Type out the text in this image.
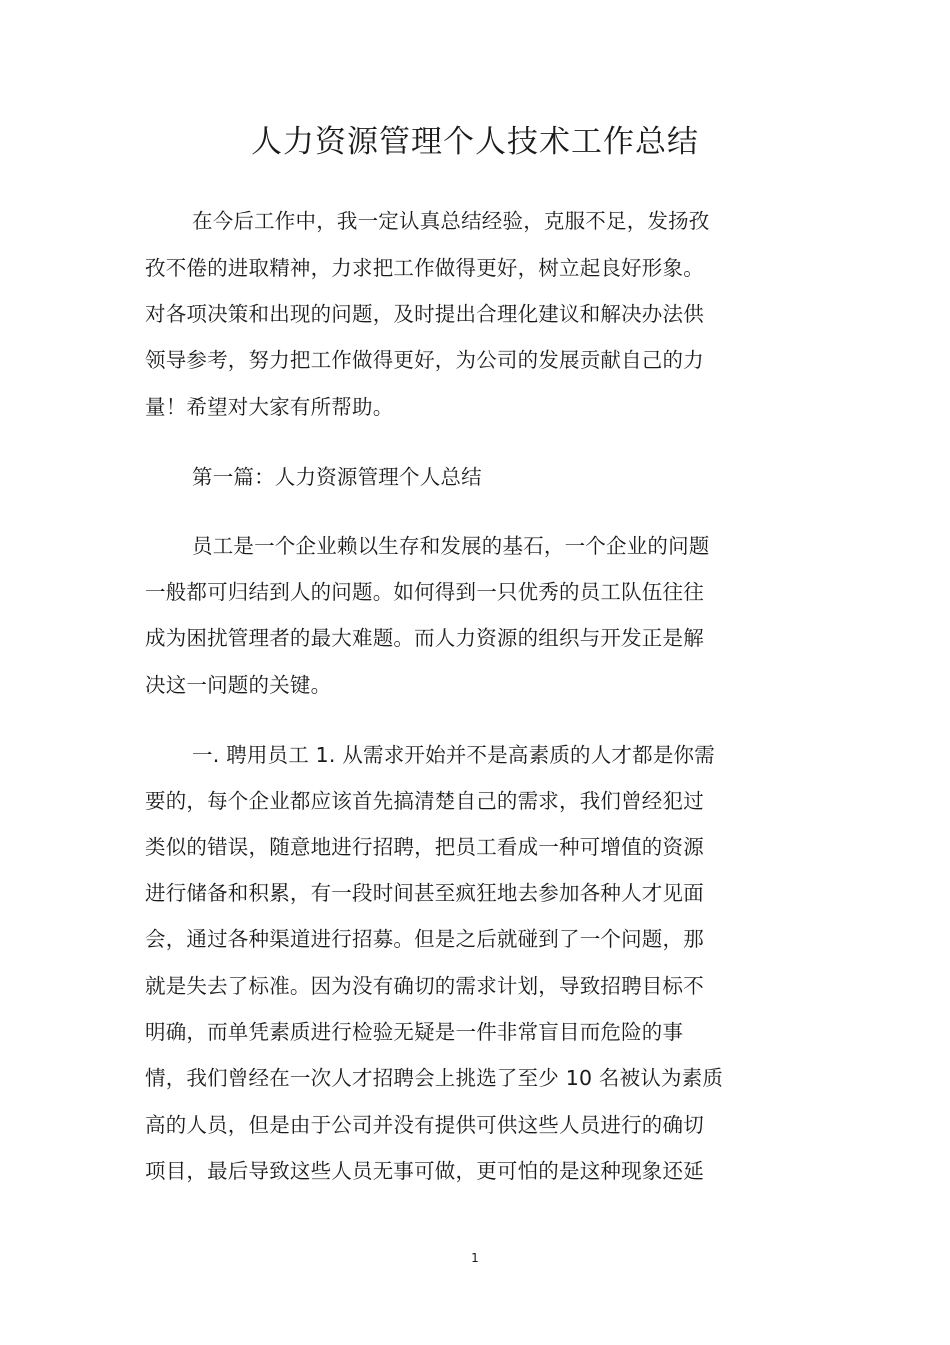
人力资源管理个人技术工作总结
在今后工作中，我一定认真总结经验，克服不足，发扬孜
孜不倦的进取精神，力求把工作做得更好，树立起良好形象。
对各项决策和出现的问题，及时提出合理化建议和解决办法供
领导参考，努力把工作做得更好，为公司的发展贡献自己的力
量！希望对大家有所帮助。
第一篇：人力资源管理个人总结
员工是一个企业赖以生存和发展的基石，一个企业的问题
一般都可归结到人的问题。如何得到一只优秀的员工队伍往往
成为困扰管理者的最大难题。而人力资源的组织与开发正是解
决这一问题的关键。
一. 聘用员工 1. 从需求开始并不是高素质的人才都是你需
要的，每个企业都应该首先搞清楚自己的需求，我们曾经犯过
类似的错误，随意地进行招聘，把员工看成一种可增值的资源
进行储备和积累，有一段时间甚至疯狂地去参加各种人才见面
会，通过各种渠道进行招募。但是之后就碰到了一个问题，那
就是失去了标准。因为没有确切的需求计划，导致招聘目标不
明确，而单凭素质进行检验无疑是一件非常盲目而危险的事
情，我们曾经在一次人才招聘会上挑选了至少 10 名被认为素质
高的人员，但是由于公司并没有提供可供这些人员进行的确切
项目，最后导致这些人员无事可做，更可怕的是这种现象还延
1
